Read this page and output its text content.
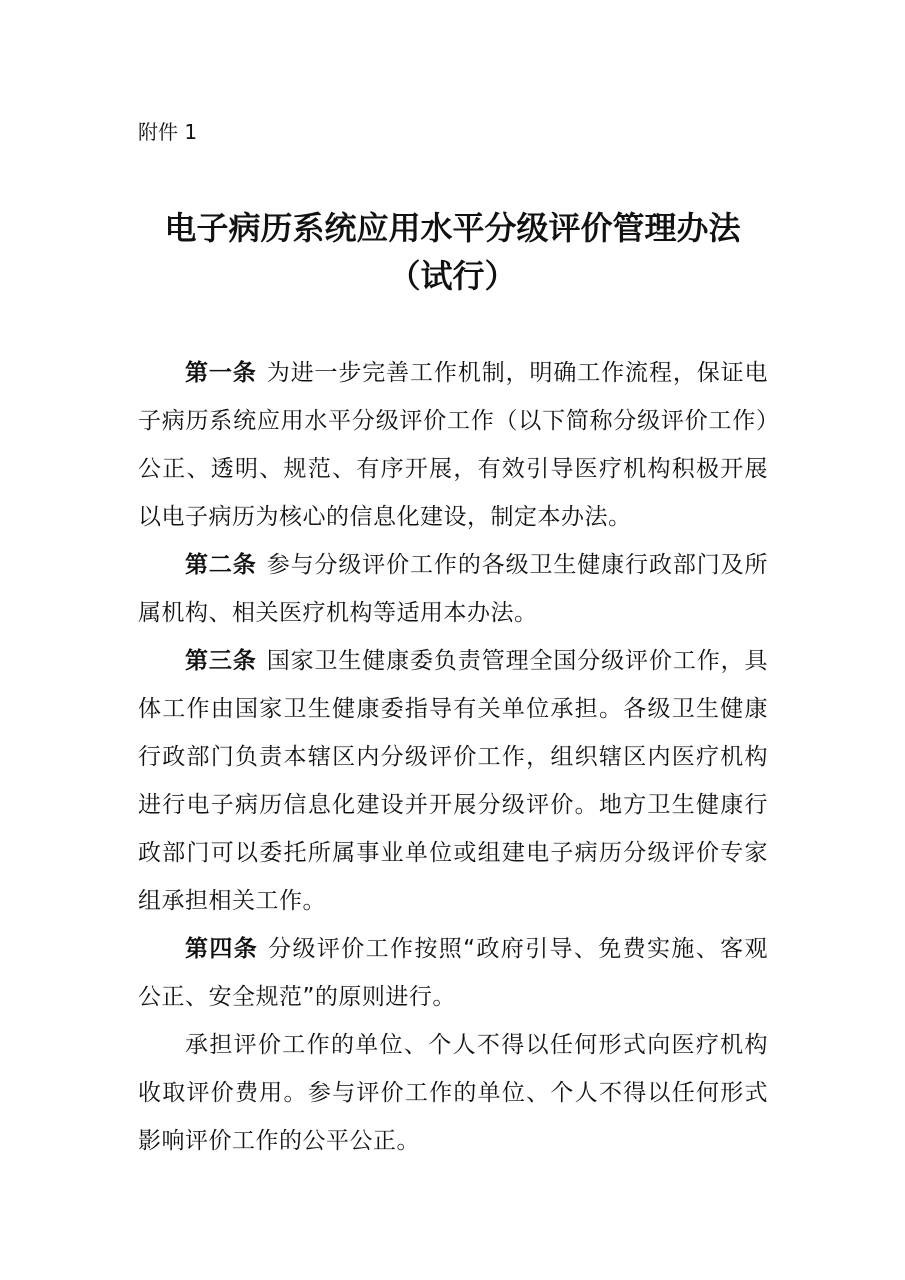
附件 1
电子病历系统应用水平分级评价管理办法
（试行）

第一条 为进一步完善工作机制，明确工作流程，保证电子病历系统应用水平分级评价工作（以下简称分级评价工作）公正、透明、规范、有序开展，有效引导医疗机构积极开展以电子病历为核心的信息化建设，制定本办法。

第二条 参与分级评价工作的各级卫生健康行政部门及所属机构、相关医疗机构等适用本办法。

第三条 国家卫生健康委负责管理全国分级评价工作，具体工作由国家卫生健康委指导有关单位承担。各级卫生健康行政部门负责本辖区内分级评价工作，组织辖区内医疗机构进行电子病历信息化建设并开展分级评价。地方卫生健康行政部门可以委托所属事业单位或组建电子病历分级评价专家组承担相关工作。

第四条 分级评价工作按照“政府引导、免费实施、客观公正、安全规范”的原则进行。

承担评价工作的单位、个人不得以任何形式向医疗机构收取评价费用。参与评价工作的单位、个人不得以任何形式影响评价工作的公平公正。
